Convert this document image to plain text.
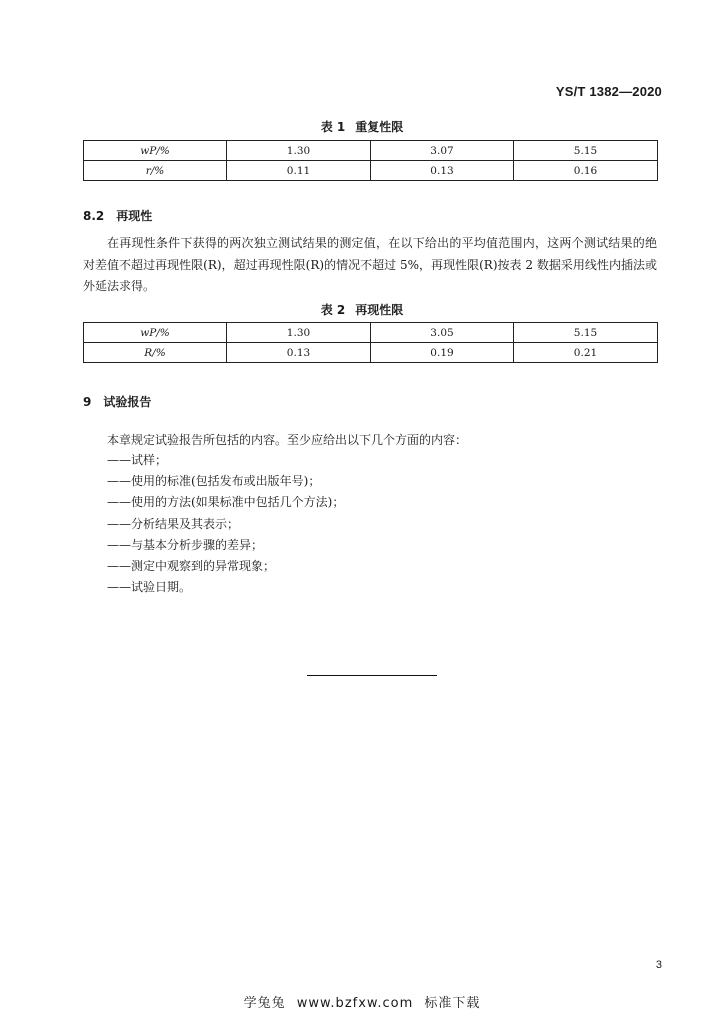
YS/T 1382—2020
表 1 重复性限
wP/%	1.30	3.07	5.15
r/%	0.11	0.13	0.16
8.2 再现性
在再现性条件下获得的两次独立测试结果的测定值，在以下给出的平均值范围内，这两个测试结果的绝对差值不超过再现性限(R)，超过再现性限(R)的情况不超过 5%，再现性限(R)按表 2 数据采用线性内插法或外延法求得。
表 2 再现性限
wP/%	1.30	3.05	5.15
R/%	0.13	0.19	0.21
9 试验报告
本章规定试验报告所包括的内容。至少应给出以下几个方面的内容：
——试样；
——使用的标准(包括发布或出版年号)；
——使用的方法(如果标准中包括几个方法)；
——分析结果及其表示；
——与基本分析步骤的差异；
——测定中观察到的异常现象；
——试验日期。
3
学兔兔 www.bzfxw.com 标准下载
